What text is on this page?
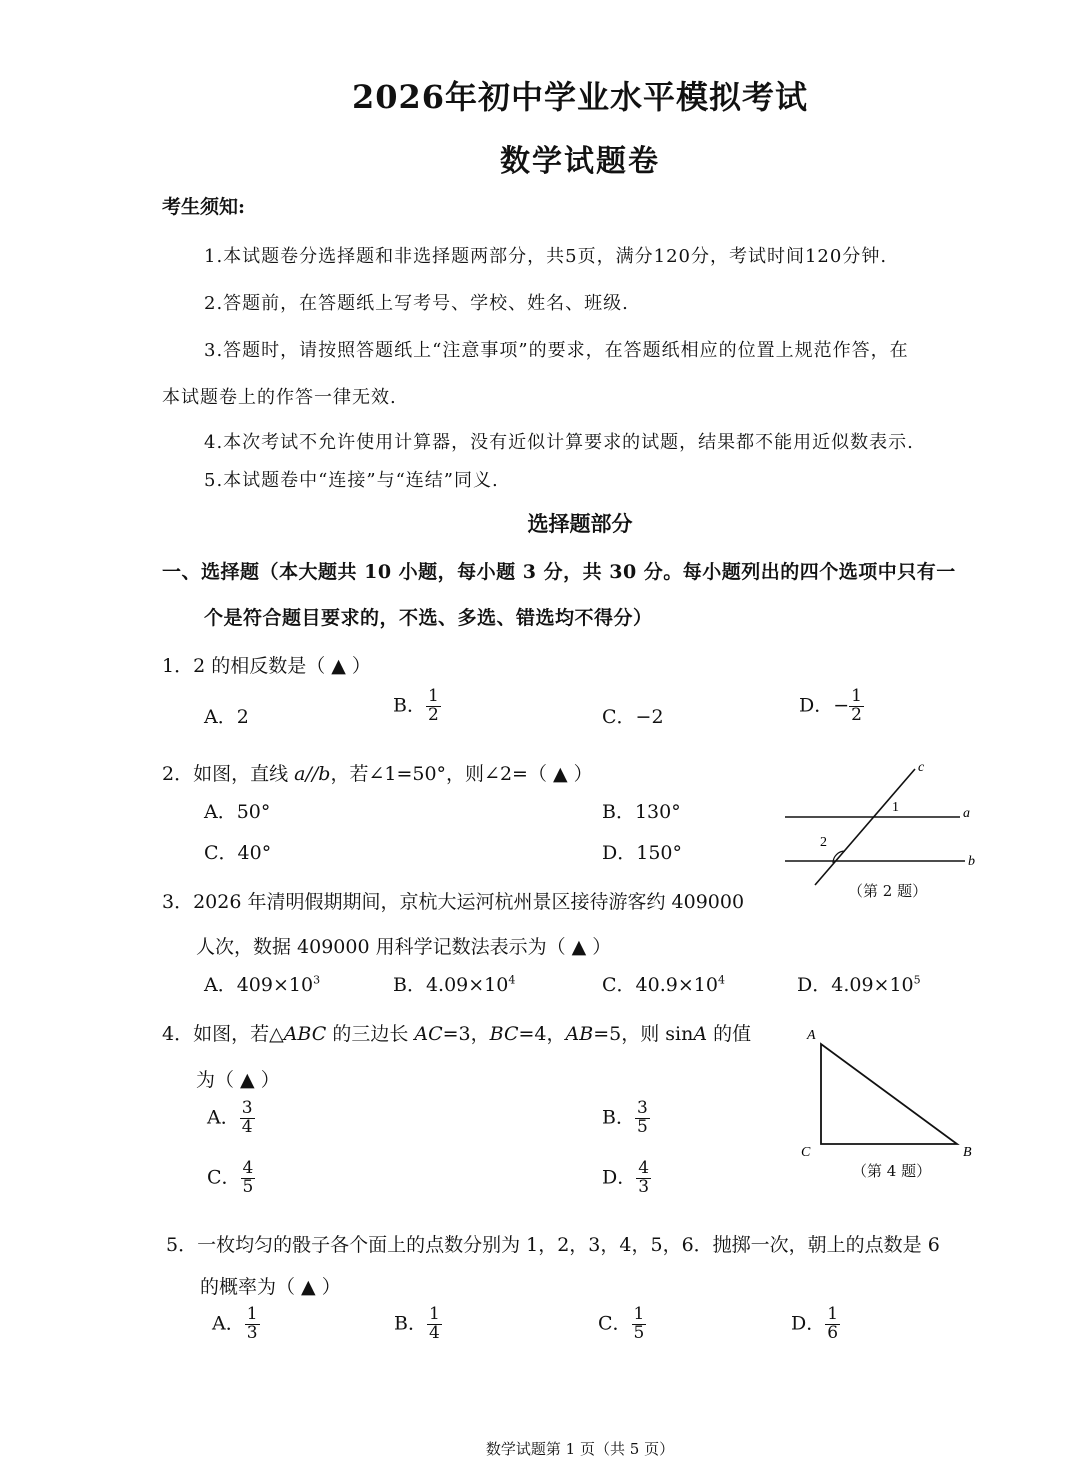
2026年初中学业水平模拟考试
数学试题卷
考生须知:
1.本试题卷分选择题和非选择题两部分，共5页，满分120分，考试时间120分钟.
2.答题前，在答题纸上写考号、学校、姓名、班级.
3.答题时，请按照答题纸上“注意事项”的要求，在答题纸相应的位置上规范作答，在
本试题卷上的作答一律无效.
4.本次考试不允许使用计算器，没有近似计算要求的试题，结果都不能用近似数表示.
5.本试题卷中“连接”与“连结”同义.
选择题部分
一、选择题（本大题共 10 小题，每小题 3 分，共 30 分。每小题列出的四个选项中只有一
个是符合题目要求的，不选、多选、错选均不得分）
1．2 的相反数是（ ▲ ）
A．2
B． $\frac{1}{2}$	C．−2
D．− $\frac{1}{2}$
2．如图，直线 a//b，若∠1=50°，则∠2=（ ▲ ）
A．50°	B．130°
C．40°	D．150°
c
a
b
1
2
（第 2 题）
3．2026 年清明假期期间，京杭大运河杭州景区接待游客约 409000
人次，数据 409000 用科学记数法表示为（ ▲ ）
A．$409\times 10^3$	B．$4.09\times 10^4$	C．$40.9\times 10^4$	D．$4.09\times 10^5$
4．如图，若△ABC 的三边长 AC=3，BC=4，AB=5，则 sinA 的值
为（ ▲ ）
A． $\frac{3}{4}$	B． $\frac{3}{5}$
C． $\frac{4}{5}$	D． $\frac{4}{3}$
A
C	B
（第 4 题）
5．一枚均匀的骰子各个面上的点数分别为 1，2，3，4，5，6．抛掷一次，朝上的点数是 6
的概率为（ ▲ ）
A． $\frac{1}{3}$	B． $\frac{1}{4}$	C． $\frac{1}{5}$	D． $\frac{1}{6}$
数学试题第 1 页（共 5 页）
